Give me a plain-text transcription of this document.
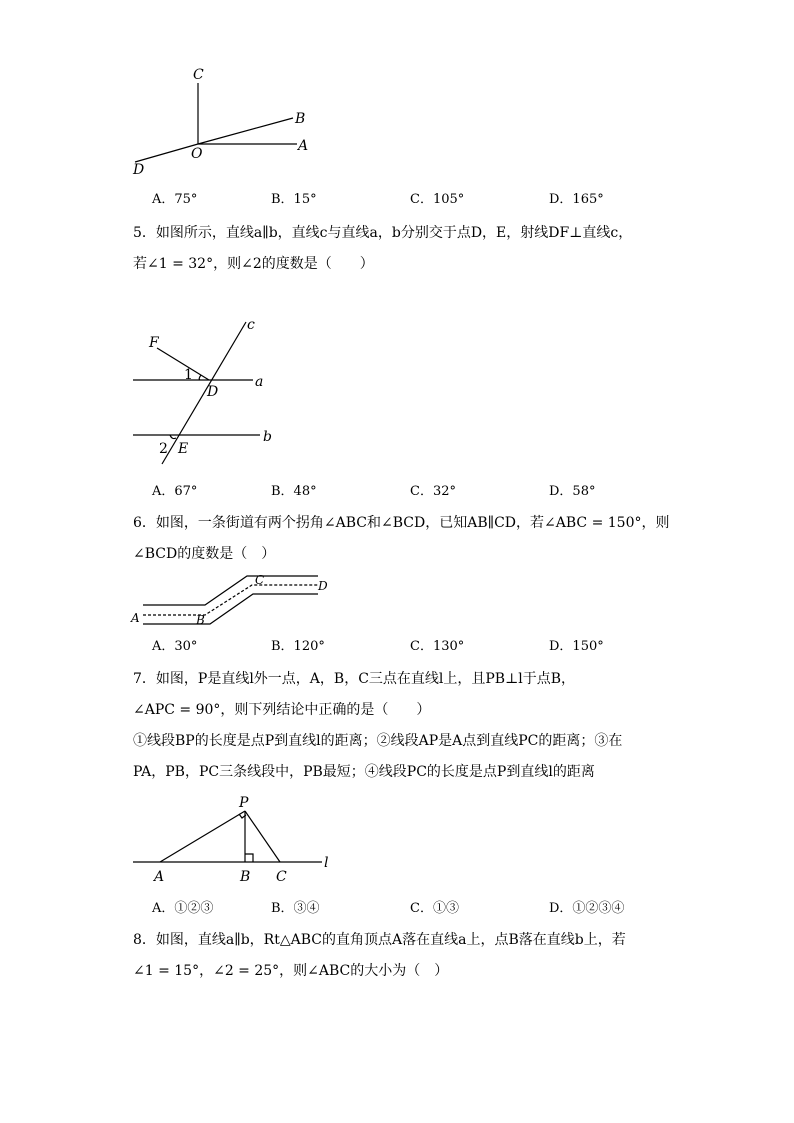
C
B
O	A
D
A．75°	B．15°	C．105°	D．165°
5．如图所示，直线a∥b，直线c与直线a，b分别交于点D，E，射线DF⊥直线c，
若∠1 = 32°，则∠2的度数是（　　）
c
F
1
D
a
b
2 E
A．67°	B．48°	C．32°	D．58°
6．如图，一条街道有两个拐角∠ABC和∠BCD，已知AB∥CD，若∠ABC = 150°，则
∠BCD的度数是（　）
A	B
C	D
A．30°	B．120°	C．130°	D．150°
7．如图，P是直线l外一点，A，B，C三点在直线l上，且PB⊥l于点B，
∠APC = 90°，则下列结论中正确的是（　　）
①线段BP的长度是点P到直线l的距离；②线段AP是A点到直线PC的距离；③在
PA，PB，PC三条线段中，PB最短；④线段PC的长度是点P到直线l的距离
P
A	B C
l
A．①②③	B．③④	C．①③	D．①②③④
8．如图，直线a∥b，Rt△ABC的直角顶点A落在直线a上，点B落在直线b上，若
∠1 = 15°，∠2 = 25°，则∠ABC的大小为（　）
